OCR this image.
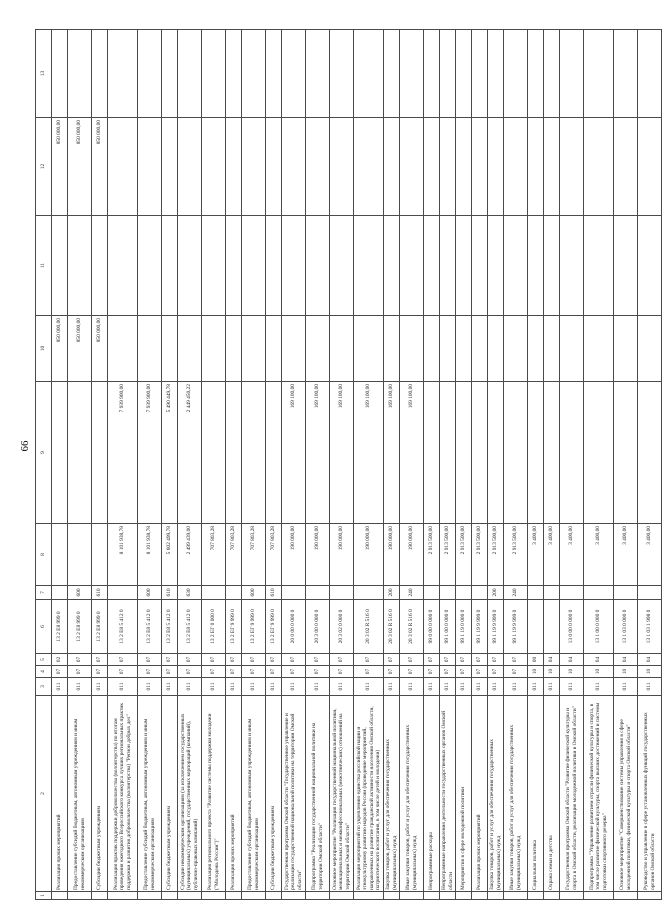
66
1	2	3	4	5	6	7	8	9	10	11	12	13
	Реализация прочих мероприятий	011	07	02	13 2 Е8 999 0				850 000,00		850 000,00	
	Предоставление субсидий бюджетным, автономным учреждениям и иным некоммерческим организациям	011	07	07	13 2 Е8 999 0	600			850 000,00		850 000,00	
	Субсидии бюджетным учреждениям	011	07	07	13 2 Е8 999 0	610			850 000,00		850 000,00	
	Реализация практик поддержки добровольчества (волонтерства) по итогам проведения ежегодного Всероссийского конкурса лучших региональных практик поддержки и развития добровольчества (волонтерства) "Регион добрых дел"	011	07	07	13 2 Е8 5 412 0		8 101 938,78	7 939 900,00				
	Предоставление субсидий бюджетным, автономным учреждениям и иным некоммерческим организациям	011	07	07	13 2 Е8 5 412 0	600	8 101 938,78	7 939 900,00				
	Субсидии бюджетным учреждениям	011	07	07	13 2 Е8 5 412 0	610	5 602 499,78	5 490 449,78				
	Субсидии некоммерческим организациям (за исключением государственных (муниципальных) учреждений, государственных корпораций (компаний), публично-правовых компаний)	011	07	07	13 2 Е8 5 412 0	630	2 499 439,00	2 449 450,22				
	Реализация регионального проекта "Развитие системы поддержки молодежи ("Молодежь России")"	011	07	07	13 2 ЕГ 0 000 0		707 803,28					
	Реализация прочих мероприятий	011	07	07	13 2 ЕГ 9 999 0		707 803,28					
	Предоставление субсидий бюджетным, автономным учреждениям и иным некоммерческим организациям	011	07	07	13 2 ЕГ 9 999 0	600	707 803,28					
	Субсидии бюджетным учреждениям	011	07	07	13 2 ЕГ 9 999 0	610	707 803,28					
	Государственная программа Омской области "Государственное управление и реализация государственной национальной политики на территории Омской области"	011	07	07	20 0 00 0 000 0		190 000,00	169 100,00				
	Подпрограмма "Реализация государственной национальной политики на территории Омской области"	011	07	07	20 3 00 0 000 0		190 000,00	169 100,00				
	Основное мероприятие "Реализация государственной национальной политики, межнациональных и межконфессиональных (межэтнических) отношений на территории Омской области"	011	07	07	20 3 02 0 000 0		190 000,00	169 100,00				
	Реализация мероприятий по укреплению единства российской нации и этнокультурному развитию народов России (проведение мероприятий, направленных на развитие гражданской активности населения Омской области, патриотического воспитания, в том числе детей и молодежи)	011	07	07	20 3 02 R 516 0		190 000,00	169 100,00				
	Закупка товаров, работ и услуг для обеспечения государственных (муниципальных) нужд	011	07	07	20 3 02 R 516 0	200	190 000,00	169 100,00				
	Иные закупки товаров, работ и услуг для обеспечения государственных (муниципальных) нужд	011	07	07	20 3 02 R 516 0	240	190 000,00	169 100,00				
	Непрограммные расходы	011	07	07	99 0 00 0 000 0		2 913 500,00					
	Непрограммные направления деятельности государственных органов Омской области	011	07	07	99 1 00 0 000 0		2 913 500,00					
	Мероприятия в сфере молодежной политики	011	07	07	99 1 19 0 000 0		2 913 500,00					
	Реализация прочих мероприятий	011	07	07	99 1 19 9 999 0		2 913 500,00					
	Закупка товаров, работ и услуг для обеспечения государственных (муниципальных) нужд	011	07	07	99 1 19 9 999 0	200	2 913 500,00					
	Иные закупки товаров, работ и услуг для обеспечения государственных (муниципальных) нужд	011	07	07	99 1 19 9 999 0	240	2 913 500,00					
	Социальная политика	011	10	00			3 400,00					
	Охрана семьи и детства	011	10	04			3 400,00					
	Государственная программа Омской области "Развитие физической культуры и спорта в Омской области, реализация молодежной политики в Омской области"	011	10	04	13 0 00 0 000 0		3 400,00					
	Подпрограмма "Управление развитием отрасли физической культуры и спорта, в том числе развитие физической культуры, спорта высших достижений и системы подготовки спортивного резерва"	011	10	04	13 1 00 0 000 0		3 400,00					
	Основное мероприятие "Совершенствование системы управления в сфере молодежной политики, физической культуры и спорта Омской области"	011	10	04	13 1 03 0 000 0		3 400,00					
	Руководство и управление в сфере установленных функций государственных органов Омской области	011	10	04	13 1 03 1 998 0		3 400,00					
